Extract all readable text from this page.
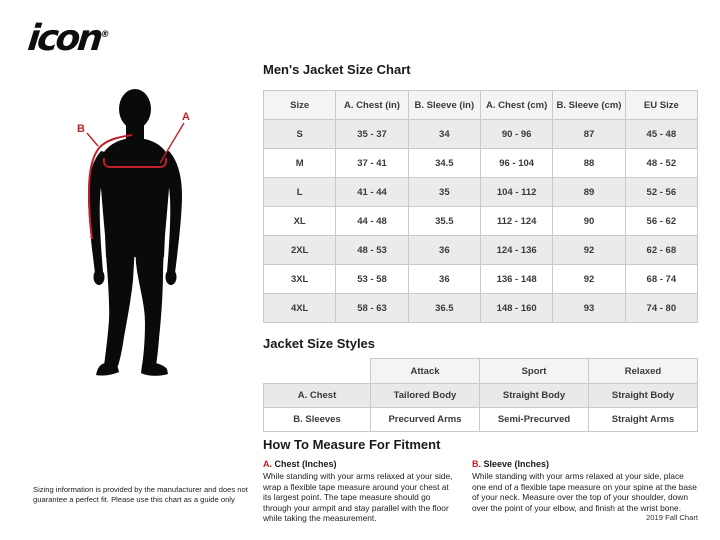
icon®
A
B
Men's Jacket Size Chart
Size	A. Chest (in)	B. Sleeve (in)	A. Chest (cm)	B. Sleeve (cm)	EU Size
S	35 - 37	34	90 - 96	87	45 - 48
M	37 - 41	34.5	96 - 104	88	48 - 52
L	41 - 44	35	104 - 112	89	52 - 56
XL	44 - 48	35.5	112 - 124	90	56 - 62
2XL	48 - 53	36	124 - 136	92	62 - 68
3XL	53 - 58	36	136 - 148	92	68 - 74
4XL	58 - 63	36.5	148 - 160	93	74 - 80
Jacket Size Styles
	Attack	Sport	Relaxed
A. Chest	Tailored Body	Straight Body	Straight Body
B. Sleeves	Precurved Arms	Semi-Precurved	Straight Arms
How To Measure For Fitment
A. Chest (Inches)
While standing with your arms relaxed at your side, wrap a flexible tape measure around your chest at its largest point. The tape measure should go through your armpit and stay parallel with the floor while taking the measurement.
B. Sleeve (Inches)
While standing with your arms relaxed at your side, place one end of a flexible tape measure on your spine at the base of your neck. Measure over the top of your shoulder, down over the point of your elbow, and finish at the wrist bone.
Sizing information is provided by the manufacturer and does not guarantee a perfect fit. Please use this chart as a guide only
2019 Fall Chart
